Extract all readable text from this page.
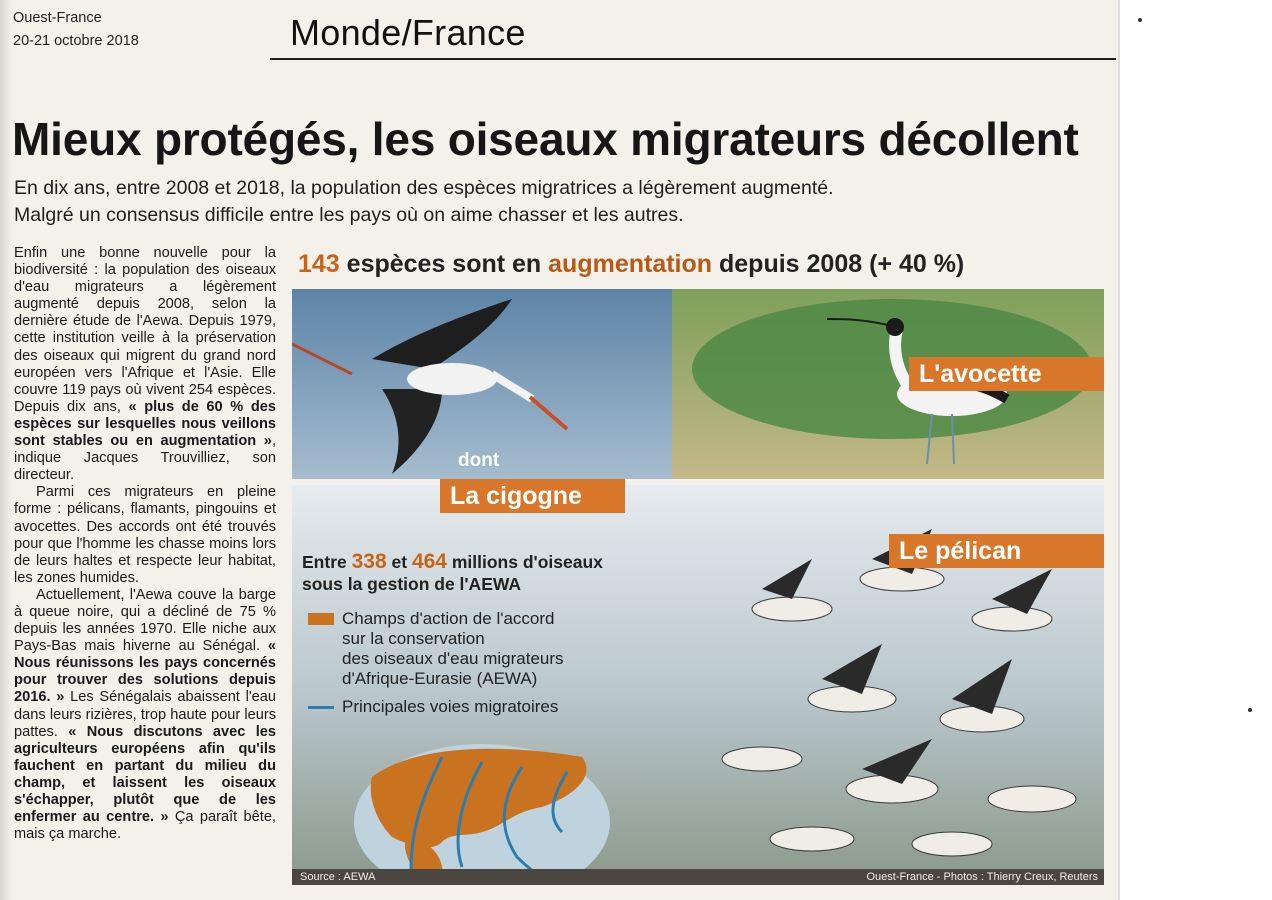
Ouest-France
20-21 octobre 2018	Monde/France
Mieux protégés, les oiseaux migrateurs décollent
En dix ans, entre 2008 et 2018, la population des espèces migratrices a légèrement augmenté.
Malgré un consensus difficile entre les pays où on aime chasser et les autres.

Enfin une bonne nouvelle pour la biodiversité : la population des oiseaux d'eau migrateurs a légèrement augmenté depuis 2008, selon la dernière étude de l'Aewa. Depuis 1979, cette institution veille à la préservation des oiseaux qui migrent du grand nord européen vers l'Afrique et l'Asie. Elle couvre 119 pays où vivent 254 espèces. Depuis dix ans, « plus de 60 % des espèces sur lesquelles nous veillons sont stables ou en augmentation », indique Jacques Trouvilliez, son directeur.

Parmi ces migrateurs en pleine forme : pélicans, flamants, pingouins et avocettes. Des accords ont été trouvés pour que l'homme les chasse moins lors de leurs haltes et respecte leur habitat, les zones humides.

Actuellement, l'Aewa couve la barge à queue noire, qui a décliné de 75 % depuis les années 1970. Elle niche aux Pays-Bas mais hiverne au Sénégal. « Nous réunissons les pays concernés pour trouver des solutions depuis 2016. » Les Sénégalais abaissent l'eau dans leurs rizières, trop haute pour leurs pattes. « Nous discutons avec les agriculteurs européens afin qu'ils fauchent en partant du milieu du champ, et laissent les oiseaux s'échapper, plutôt que de les enfermer au centre. » Ça paraît bête, mais ça marche.

143 espèces sont en augmentation depuis 2008 (+ 40 %)
L'avocette
dont
La cigogne
Le pélican
Entre 338 et 464 millions d'oiseaux
sous la gestion de l'AEWA
Champs d'action de l'accord
sur la conservation
des oiseaux d'eau migrateurs
d'Afrique-Eurasie (AEWA)
Principales voies migratoires
Source : AEWA	Ouest-France - Photos : Thierry Creux, Reuters
